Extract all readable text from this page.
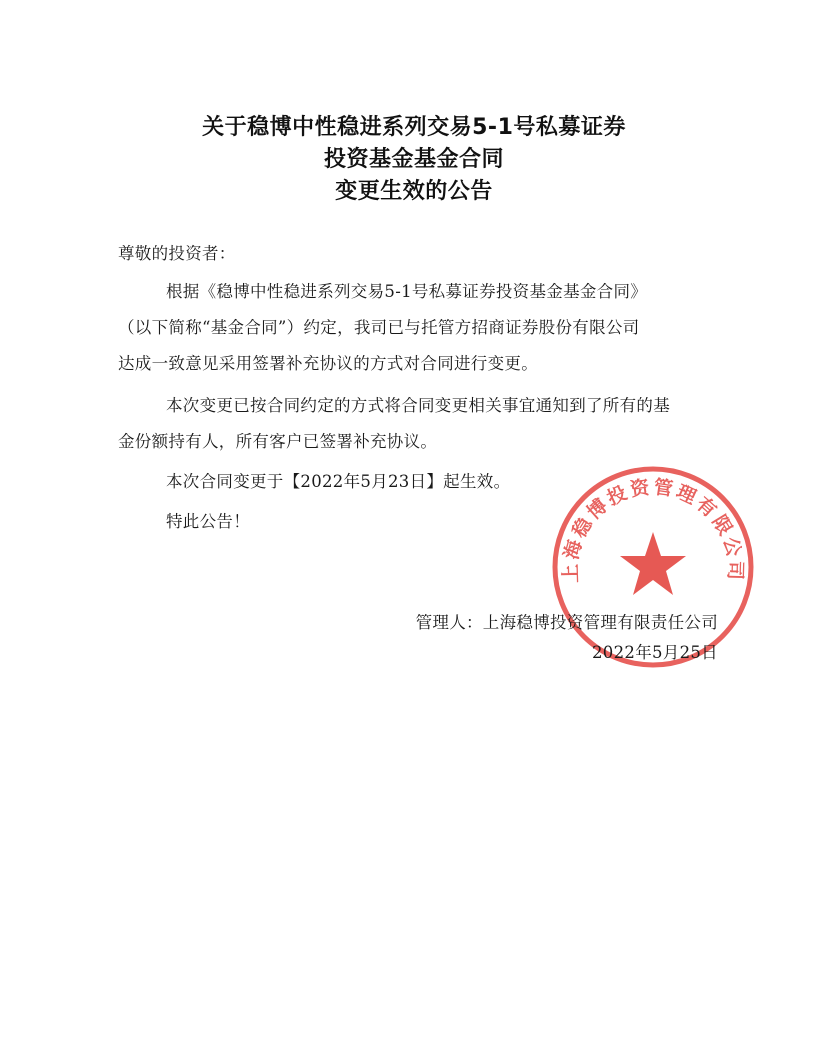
关于稳博中性稳进系列交易5-1号私募证券
投资基金基金合同
变更生效的公告
尊敬的投资者：
根据《稳博中性稳进系列交易5-1号私募证券投资基金基金合同》
（以下简称“基金合同”）约定，我司已与托管方招商证券股份有限公司
达成一致意见采用签署补充协议的方式对合同进行变更。
本次变更已按合同约定的方式将合同变更相关事宜通知到了所有的基
金份额持有人，所有客户已签署补充协议。
本次合同变更于【2022年5月23日】起生效。
特此公告！
上海稳博投资管理有限公司
管理人：上海稳博投资管理有限责任公司
2022年5月25日
